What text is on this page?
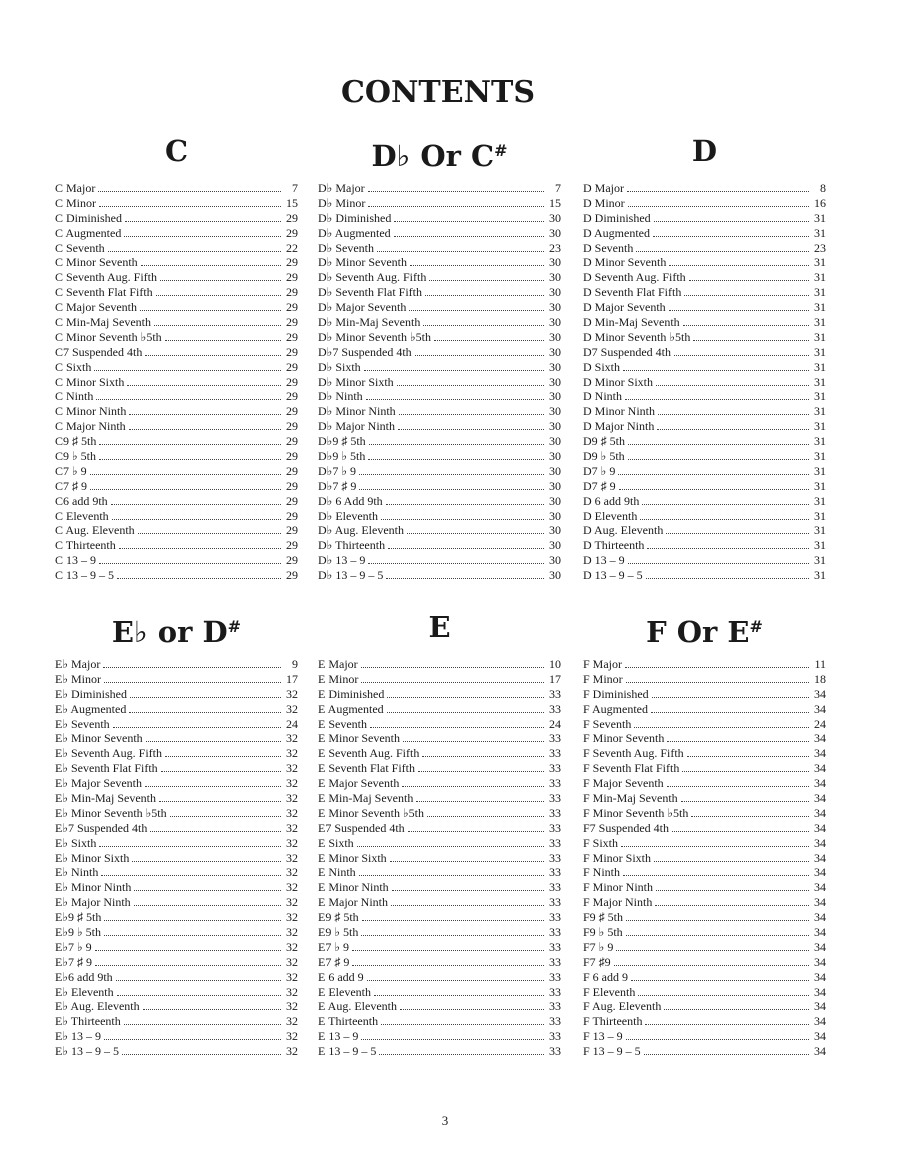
CONTENTS
C
C Major	7
C Minor	15
C Diminished	29
C Augmented	29
C Seventh	22
C Minor Seventh	29
C Seventh Aug. Fifth	29
C Seventh Flat Fifth	29
C Major Seventh	29
C Min-Maj Seventh	29
C Minor Seventh ♭5th	29
C7 Suspended 4th	29
C Sixth	29
C Minor Sixth	29
C Ninth	29
C Minor Ninth	29
C Major Ninth	29
C9 ♯ 5th	29
C9 ♭ 5th	29
C7 ♭ 9	29
C7 ♯ 9	29
C6 add 9th	29
C Eleventh	29
C Aug. Eleventh	29
C Thirteenth	29
C 13 – 9	29
C 13 – 9 – 5	29
D♭ Or C#
D♭ Major	7
D♭ Minor	15
D♭ Diminished	30
D♭ Augmented	30
D♭ Seventh	23
D♭ Minor Seventh	30
D♭ Seventh Aug. Fifth	30
D♭ Seventh Flat Fifth	30
D♭ Major Seventh	30
D♭ Min-Maj Seventh	30
D♭ Minor Seventh ♭5th	30
D♭7 Suspended 4th	30
D♭ Sixth	30
D♭ Minor Sixth	30
D♭ Ninth	30
D♭ Minor Ninth	30
D♭ Major Ninth	30
D♭9 ♯ 5th	30
D♭9 ♭ 5th	30
D♭7 ♭ 9	30
D♭7 ♯ 9	30
D♭ 6 Add 9th	30
D♭ Eleventh	30
D♭ Aug. Eleventh	30
D♭ Thirteenth	30
D♭ 13 – 9	30
D♭ 13 – 9 – 5	30
D
D Major	8
D Minor	16
D Diminished	31
D Augmented	31
D Seventh	23
D Minor Seventh	31
D Seventh Aug. Fifth	31
D Seventh Flat Fifth	31
D Major Seventh	31
D Min-Maj Seventh	31
D Minor Seventh ♭5th	31
D7 Suspended 4th	31
D Sixth	31
D Minor Sixth	31
D Ninth	31
D Minor Ninth	31
D Major Ninth	31
D9 ♯ 5th	31
D9 ♭ 5th	31
D7 ♭ 9	31
D7 ♯ 9	31
D 6 add 9th	31
D Eleventh	31
D Aug. Eleventh	31
D Thirteenth	31
D 13 – 9	31
D 13 – 9 – 5	31
E♭ or D#
E♭ Major	9
E♭ Minor	17
E♭ Diminished	32
E♭ Augmented	32
E♭ Seventh	24
E♭ Minor Seventh	32
E♭ Seventh Aug. Fifth	32
E♭ Seventh Flat Fifth	32
E♭ Major Seventh	32
E♭ Min-Maj Seventh	32
E♭ Minor Seventh ♭5th	32
E♭7 Suspended 4th	32
E♭ Sixth	32
E♭ Minor Sixth	32
E♭ Ninth	32
E♭ Minor Ninth	32
E♭ Major Ninth	32
E♭9 ♯ 5th	32
E♭9 ♭ 5th	32
E♭7 ♭ 9	32
E♭7 ♯ 9	32
E♭6 add 9th	32
E♭ Eleventh	32
E♭ Aug. Eleventh	32
E♭ Thirteenth	32
E♭ 13 – 9	32
E♭ 13 – 9 – 5	32
E
E Major	10
E Minor	17
E Diminished	33
E Augmented	33
E Seventh	24
E Minor Seventh	33
E Seventh Aug. Fifth	33
E Seventh Flat Fifth	33
E Major Seventh	33
E Min-Maj Seventh	33
E Minor Seventh ♭5th	33
E7 Suspended 4th	33
E Sixth	33
E Minor Sixth	33
E Ninth	33
E Minor Ninth	33
E Major Ninth	33
E9 ♯ 5th	33
E9 ♭ 5th	33
E7 ♭ 9	33
E7 ♯ 9	33
E 6 add 9	33
E Eleventh	33
E Aug. Eleventh	33
E Thirteenth	33
E 13 – 9	33
E 13 – 9 – 5	33
F Or E#
F Major	11
F Minor	18
F Diminished	34
F Augmented	34
F Seventh	24
F Minor Seventh	34
F Seventh Aug. Fifth	34
F Seventh Flat Fifth	34
F Major Seventh	34
F Min-Maj Seventh	34
F Minor Seventh ♭5th	34
F7 Suspended 4th	34
F Sixth	34
F Minor Sixth	34
F Ninth	34
F Minor Ninth	34
F Major Ninth	34
F9 ♯ 5th	34
F9 ♭ 5th	34
F7 ♭ 9	34
F7 ♯9	34
F 6 add 9	34
F Eleventh	34
F Aug. Eleventh	34
F Thirteenth	34
F 13 – 9	34
F 13 – 9 – 5	34
3
